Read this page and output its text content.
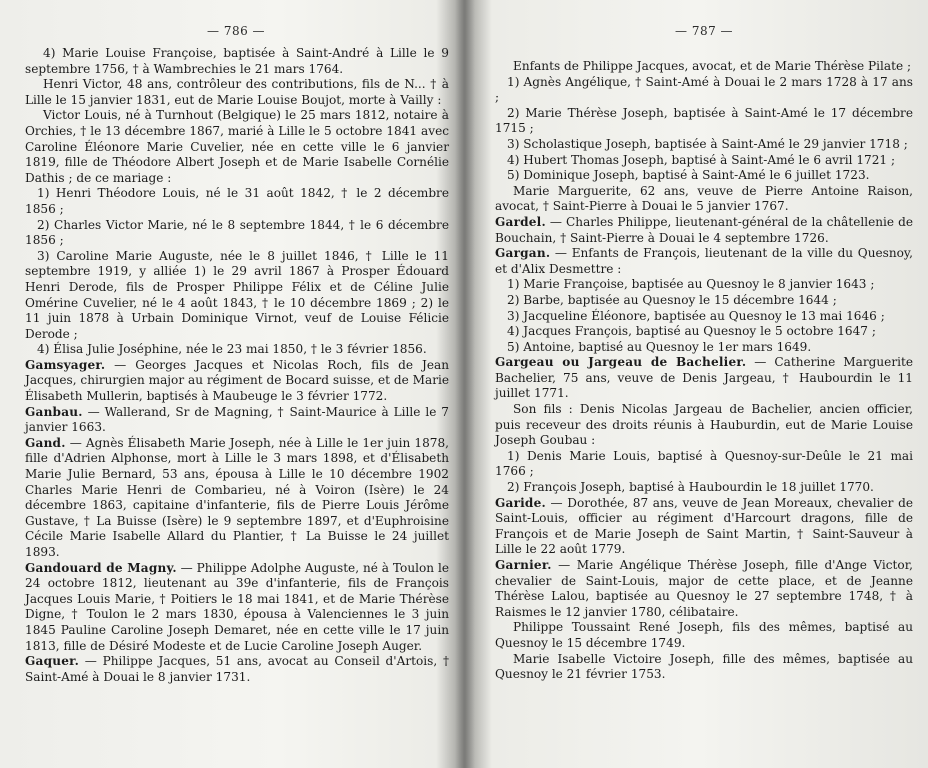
— 786 —

4) Marie Louise Françoise, baptisée à Saint-André à Lille le 9 septembre 1756, † à Wambrechies le 21 mars 1764.

Henri Victor, 48 ans, contrôleur des contributions, fils de N... † à Lille le 15 janvier 1831, eut de Marie Louise Boujot, morte à Vailly :

Victor Louis, né à Turnhout (Belgique) le 25 mars 1812, notaire à Orchies, † le 13 décembre 1867, marié à Lille le 5 octobre 1841 avec Caroline Éléonore Marie Cuvelier, née en cette ville le 6 janvier 1819, fille de Théodore Albert Joseph et de Marie Isabelle Cornélie Dathis ; de ce mariage :

1) Henri Théodore Louis, né le 31 août 1842, † le 2 décembre 1856 ;

2) Charles Victor Marie, né le 8 septembre 1844, † le 6 décembre 1856 ;

3) Caroline Marie Auguste, née le 8 juillet 1846, † Lille le 11 septembre 1919, y alliée 1) le 29 avril 1867 à Prosper Édouard Henri Derode, fils de Prosper Philippe Félix et de Céline Julie Omérine Cuvelier, né le 4 août 1843, † le 10 décembre 1869 ; 2) le 11 juin 1878 à Urbain Dominique Virnot, veuf de Louise Félicie Derode ;

4) Élisa Julie Joséphine, née le 23 mai 1850, † le 3 février 1856.

Gamsyager. — Georges Jacques et Nicolas Roch, fils de Jean Jacques, chirurgien major au régiment de Bocard suisse, et de Marie Élisabeth Mullerin, baptisés à Maubeuge le 3 février 1772.

Ganbau. — Wallerand, Sr de Magning, † Saint-Maurice à Lille le 7 janvier 1663.

Gand. — Agnès Élisabeth Marie Joseph, née à Lille le 1er juin 1878, fille d'Adrien Alphonse, mort à Lille le 3 mars 1898, et d'Élisabeth Marie Julie Bernard, 53 ans, épousa à Lille le 10 décembre 1902 Charles Marie Henri de Combarieu, né à Voiron (Isère) le 24 décembre 1863, capitaine d'infanterie, fils de Pierre Louis Jérôme Gustave, † La Buisse (Isère) le 9 septembre 1897, et d'Euphroisine Cécile Marie Isabelle Allard du Plantier, † La Buisse le 24 juillet 1893.

Gandouard de Magny. — Philippe Adolphe Auguste, né à Toulon le 24 octobre 1812, lieutenant au 39e d'infanterie, fils de François Jacques Louis Marie, † Poitiers le 18 mai 1841, et de Marie Thérèse Digne, † Toulon le 2 mars 1830, épousa à Valenciennes le 3 juin 1845 Pauline Caroline Joseph Demaret, née en cette ville le 17 juin 1813, fille de Désiré Modeste et de Lucie Caroline Joseph Auger.

Gaquer. — Philippe Jacques, 51 ans, avocat au Conseil d'Artois, † Saint-Amé à Douai le 8 janvier 1731.

— 787 —

Enfants de Philippe Jacques, avocat, et de Marie Thérèse Pilate ;

1) Agnès Angélique, † Saint-Amé à Douai le 2 mars 1728 à 17 ans ;

2) Marie Thérèse Joseph, baptisée à Saint-Amé le 17 décembre 1715 ;

3) Scholastique Joseph, baptisée à Saint-Amé le 29 janvier 1718 ;

4) Hubert Thomas Joseph, baptisé à Saint-Amé le 6 avril 1721 ;

5) Dominique Joseph, baptisé à Saint-Amé le 6 juillet 1723.

Marie Marguerite, 62 ans, veuve de Pierre Antoine Raison, avocat, † Saint-Pierre à Douai le 5 janvier 1767.

Gardel. — Charles Philippe, lieutenant-général de la châtellenie de Bouchain, † Saint-Pierre à Douai le 4 septembre 1726.

Gargan. — Enfants de François, lieutenant de la ville du Quesnoy, et d'Alix Desmettre :

1) Marie Françoise, baptisée au Quesnoy le 8 janvier 1643 ;

2) Barbe, baptisée au Quesnoy le 15 décembre 1644 ;

3) Jacqueline Éléonore, baptisée au Quesnoy le 13 mai 1646 ;

4) Jacques François, baptisé au Quesnoy le 5 octobre 1647 ;

5) Antoine, baptisé au Quesnoy le 1er mars 1649.

Gargeau ou Jargeau de Bachelier. — Catherine Marguerite Bachelier, 75 ans, veuve de Denis Jargeau, † Haubourdin le 11 juillet 1771.

Son fils : Denis Nicolas Jargeau de Bachelier, ancien officier, puis receveur des droits réunis à Hauburdin, eut de Marie Louise Joseph Goubau :

1) Denis Marie Louis, baptisé à Quesnoy-sur-Deûle le 21 mai 1766 ;

2) François Joseph, baptisé à Haubourdin le 18 juillet 1770.

Garide. — Dorothée, 87 ans, veuve de Jean Moreaux, chevalier de Saint-Louis, officier au régiment d'Harcourt dragons, fille de François et de Marie Joseph de Saint Martin, † Saint-Sauveur à Lille le 22 août 1779.

Garnier. — Marie Angélique Thérèse Joseph, fille d'Ange Victor, chevalier de Saint-Louis, major de cette place, et de Jeanne Thérèse Lalou, baptisée au Quesnoy le 27 septembre 1748, † à Raismes le 12 janvier 1780, célibataire.

Philippe Toussaint René Joseph, fils des mêmes, baptisé au Quesnoy le 15 décembre 1749.

Marie Isabelle Victoire Joseph, fille des mêmes, baptisée au Quesnoy le 21 février 1753.
